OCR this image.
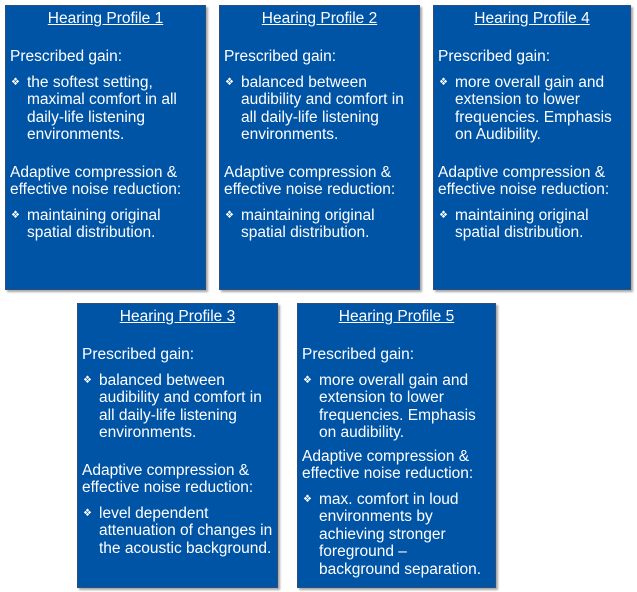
Hearing Profile 1
Prescribed gain:
❖ the softest setting, maximal comfort in all daily-life listening environments.
Adaptive compression & effective noise reduction:
❖ maintaining original spatial distribution.
Hearing Profile 2
Prescribed gain:
❖ balanced between audibility and comfort in all daily-life listening environments.
Adaptive compression & effective noise reduction:
❖ maintaining original spatial distribution.
Hearing Profile 4
Prescribed gain:
❖ more overall gain and extension to lower frequencies. Emphasis on Audibility.
Adaptive compression & effective noise reduction:
❖ maintaining original spatial distribution.
Hearing Profile 3
Prescribed gain:
❖ balanced between audibility and comfort in all daily-life listening environments.
Adaptive compression & effective noise reduction:
❖ level dependent attenuation of changes in the acoustic background.
Hearing Profile 5
Prescribed gain:
❖ more overall gain and extension to lower frequencies. Emphasis on audibility.
Adaptive compression & effective noise reduction:
❖ max. comfort in loud environments by achieving stronger foreground – background separation.
